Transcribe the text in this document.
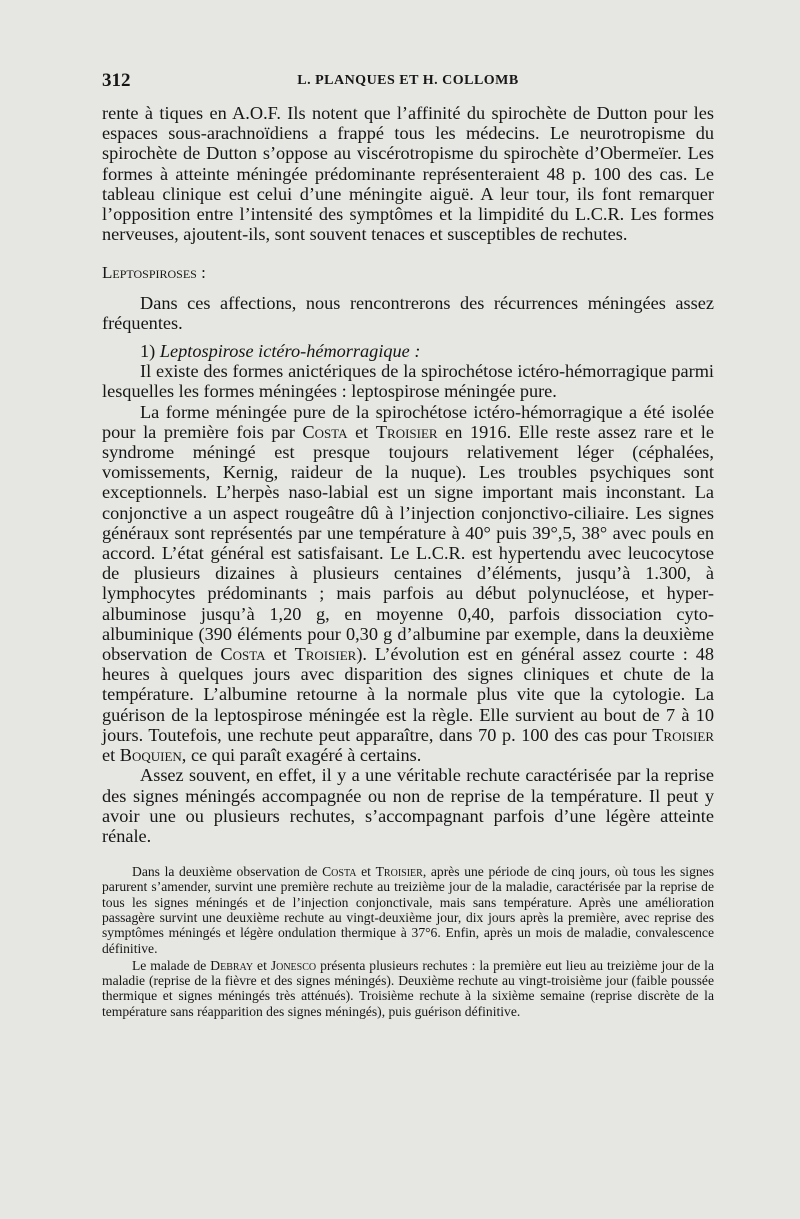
312	L. PLANQUES ET H. COLLOMB

rente à tiques en A.O.F. Ils notent que l’affinité du spirochète de Dutton pour les espaces sous-arachnoïdiens a frappé tous les médecins. Le neurotropisme du spirochète de Dutton s’oppose au viscérotropisme du spirochète d’Obermeïer. Les formes à atteinte méningée prédominante représenteraient 48 p. 100 des cas. Le tableau clinique est celui d’une méningite aiguë. A leur tour, ils font remarquer l’opposition entre l’intensité des symptômes et la limpidité du L.C.R. Les formes nerveuses, ajoutent-ils, sont souvent tenaces et susceptibles de rechutes.

Leptospiroses :

Dans ces affections, nous rencontrerons des récurrences méningées assez fréquentes.

1) Leptospirose ictéro-hémorragique :

Il existe des formes anictériques de la spirochétose ictéro-hémorragique parmi lesquelles les formes méningées : leptospirose méningée pure.

La forme méningée pure de la spirochétose ictéro-hémorragique a été isolée pour la première fois par Costa et Troisier en 1916. Elle reste assez rare et le syndrome méningé est presque toujours relativement léger (céphalées, vomissements, Kernig, raideur de la nuque). Les troubles psychiques sont exceptionnels. L’herpès naso-labial est un signe important mais inconstant. La conjonctive a un aspect rougeâtre dû à l’injection conjonctivo-ciliaire. Les signes généraux sont représentés par une température à 40° puis 39°,5, 38° avec pouls en accord. L’état général est satisfaisant. Le L.C.R. est hypertendu avec leucocytose de plusieurs dizaines à plusieurs centaines d’éléments, jusqu’à 1.300, à lymphocytes prédominants ; mais parfois au début polynucléose, et hyper-albuminose jusqu’à 1,20 g, en moyenne 0,40, parfois dissociation cyto-albuminique (390 éléments pour 0,30 g d’albumine par exemple, dans la deuxième observation de Costa et Troisier). L’évolution est en général assez courte : 48 heures à quelques jours avec disparition des signes cliniques et chute de la température. L’albumine retourne à la normale plus vite que la cytologie. La guérison de la leptospirose méningée est la règle. Elle survient au bout de 7 à 10 jours. Toutefois, une rechute peut apparaître, dans 70 p. 100 des cas pour Troisier et Boquien, ce qui paraît exagéré à certains.

Assez souvent, en effet, il y a une véritable rechute caractérisée par la reprise des signes méningés accompagnée ou non de reprise de la température. Il peut y avoir une ou plusieurs rechutes, s’accompagnant parfois d’une légère atteinte rénale.

Dans la deuxième observation de Costa et Troisier, après une période de cinq jours, où tous les signes parurent s’amender, survint une première rechute au treizième jour de la maladie, caractérisée par la reprise de tous les signes méningés et de l’injection conjonctivale, mais sans température. Après une amélioration passagère survint une deuxième rechute au vingt-deuxième jour, dix jours après la première, avec reprise des symptômes méningés et légère ondulation thermique à 37°6. Enfin, après un mois de maladie, convalescence définitive.

Le malade de Debray et Jonesco présenta plusieurs rechutes : la première eut lieu au treizième jour de la maladie (reprise de la fièvre et des signes méningés). Deuxième rechute au vingt-troisième jour (faible poussée thermique et signes méningés très atténués). Troisième rechute à la sixième semaine (reprise discrète de la température sans réapparition des signes méningés), puis guérison définitive.
